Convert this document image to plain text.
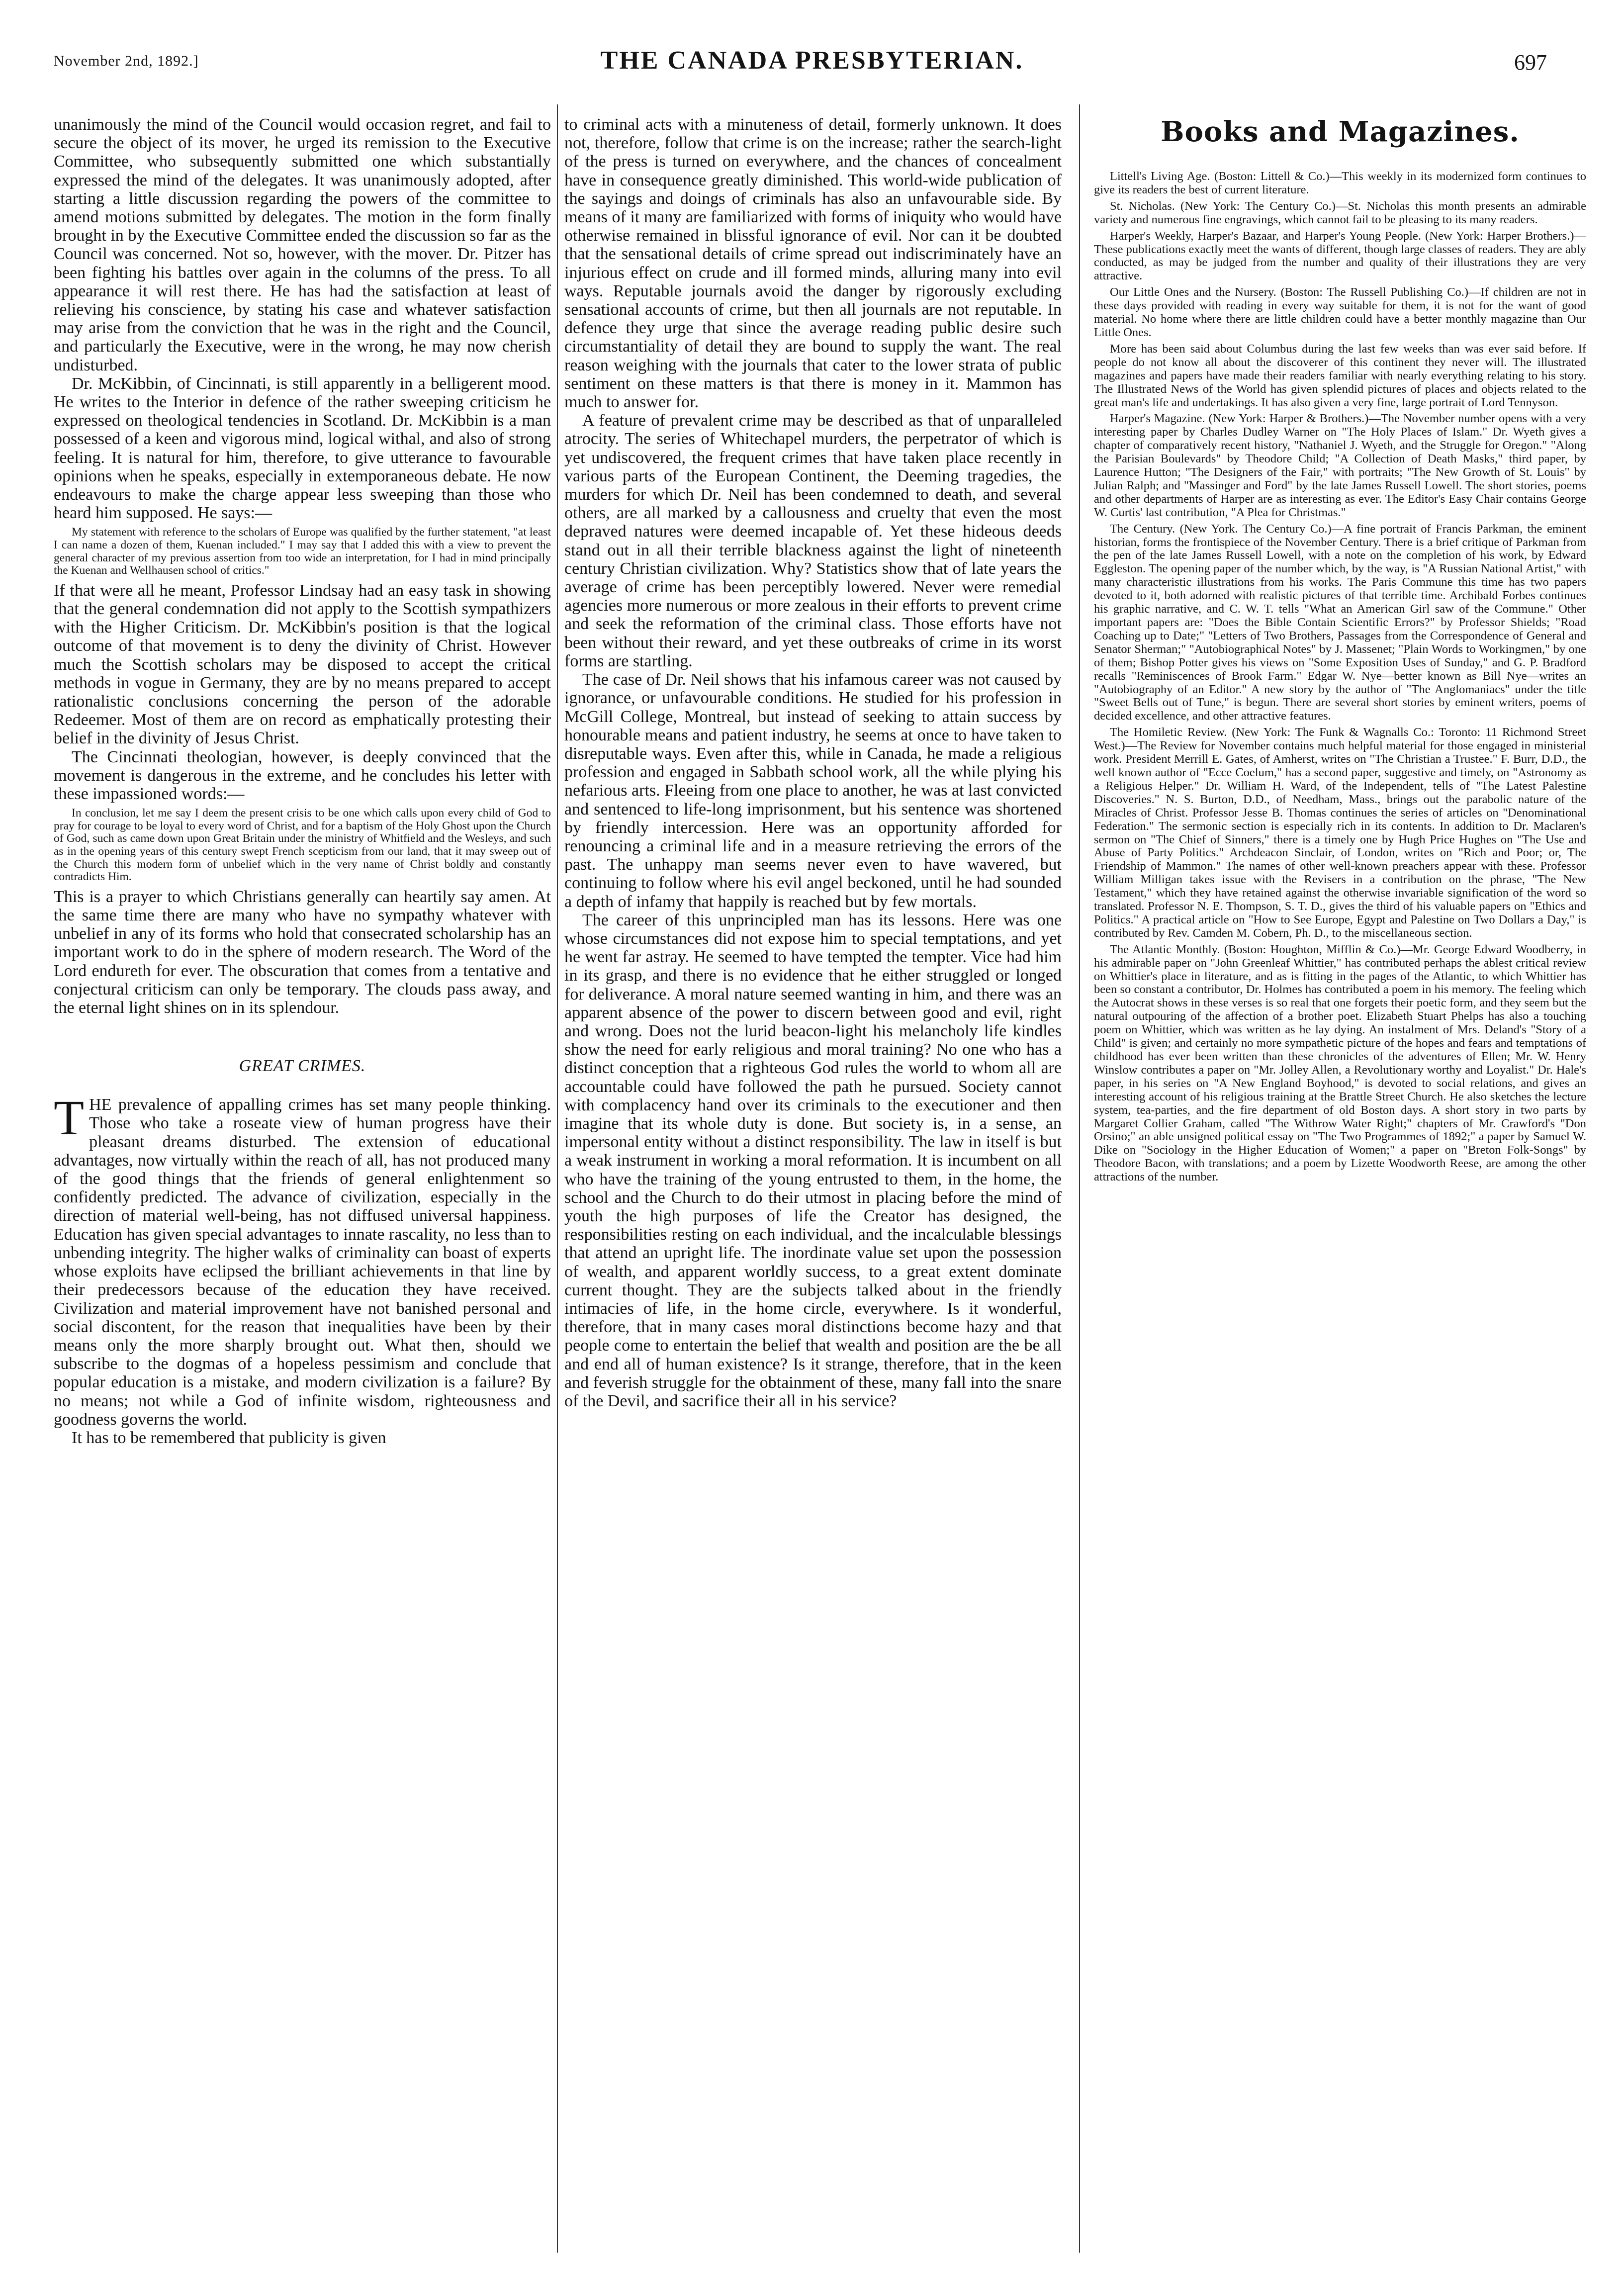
November 2nd, 1892.]	THE CANADA PRESBYTERIAN.	697

unanimously the mind of the Council would occasion regret, and fail to secure the object of its mover, he urged its remission to the Executive Committee, who subsequently submitted one which substantially expressed the mind of the delegates. It was unanimously adopted, after starting a little discussion regarding the powers of the committee to amend motions submitted by delegates. The motion in the form finally brought in by the Executive Committee ended the discussion so far as the Council was concerned. Not so, however, with the mover. Dr. Pitzer has been fighting his battles over again in the columns of the press. To all appearance it will rest there. He has had the satisfaction at least of relieving his conscience, by stating his case and whatever satisfaction may arise from the conviction that he was in the right and the Council, and particularly the Executive, were in the wrong, he may now cherish undisturbed.

Dr. McKibbin, of Cincinnati, is still apparently in a belligerent mood. He writes to the Interior in defence of the rather sweeping criticism he expressed on theological tendencies in Scotland. Dr. McKibbin is a man possessed of a keen and vigorous mind, logical withal, and also of strong feeling. It is natural for him, therefore, to give utterance to favourable opinions when he speaks, especially in extemporaneous debate. He now endeavours to make the charge appear less sweeping than those who heard him supposed. He says:—

My statement with reference to the scholars of Europe was qualified by the further statement, "at least I can name a dozen of them, Kuenan included." I may say that I added this with a view to prevent the general character of my previous assertion from too wide an interpretation, for I had in mind principally the Kuenan and Wellhausen school of critics."

If that were all he meant, Professor Lindsay had an easy task in showing that the general condemnation did not apply to the Scottish sympathizers with the Higher Criticism. Dr. McKibbin's position is that the logical outcome of that movement is to deny the divinity of Christ. However much the Scottish scholars may be disposed to accept the critical methods in vogue in Germany, they are by no means prepared to accept rationalistic conclusions concerning the person of the adorable Redeemer. Most of them are on record as emphatically protesting their belief in the divinity of Jesus Christ.

The Cincinnati theologian, however, is deeply convinced that the movement is dangerous in the extreme, and he concludes his letter with these impassioned words:—

In conclusion, let me say I deem the present crisis to be one which calls upon every child of God to pray for courage to be loyal to every word of Christ, and for a baptism of the Holy Ghost upon the Church of God, such as came down upon Great Britain under the ministry of Whitfield and the Wesleys, and such as in the opening years of this century swept French scepticism from our land, that it may sweep out of the Church this modern form of unbelief which in the very name of Christ boldly and constantly contradicts Him.

This is a prayer to which Christians generally can heartily say amen. At the same time there are many who have no sympathy whatever with unbelief in any of its forms who hold that consecrated scholarship has an important work to do in the sphere of modern research. The Word of the Lord endureth for ever. The obscuration that comes from a tentative and conjectural criticism can only be temporary. The clouds pass away, and the eternal light shines on in its splendour.

GREAT CRIMES.

THE prevalence of appalling crimes has set many people thinking. Those who take a roseate view of human progress have their pleasant dreams disturbed. The extension of educational advantages, now virtually within the reach of all, has not produced many of the good things that the friends of general enlightenment so confidently predicted. The advance of civilization, especially in the direction of material well-being, has not diffused universal happiness. Education has given special advantages to innate rascality, no less than to unbending integrity. The higher walks of criminality can boast of experts whose exploits have eclipsed the brilliant achievements in that line by their predecessors because of the education they have received. Civilization and material improvement have not banished personal and social discontent, for the reason that inequalities have been by their means only the more sharply brought out. What then, should we subscribe to the dogmas of a hopeless pessimism and conclude that popular education is a mistake, and modern civilization is a failure? By no means; not while a God of infinite wisdom, righteousness and goodness governs the world.

It has to be remembered that publicity is given

to criminal acts with a minuteness of detail, formerly unknown. It does not, therefore, follow that crime is on the increase; rather the search-light of the press is turned on everywhere, and the chances of concealment have in consequence greatly diminished. This world-wide publication of the sayings and doings of criminals has also an unfavourable side. By means of it many are familiarized with forms of iniquity who would have otherwise remained in blissful ignorance of evil. Nor can it be doubted that the sensational details of crime spread out indiscriminately have an injurious effect on crude and ill formed minds, alluring many into evil ways. Reputable journals avoid the danger by rigorously excluding sensational accounts of crime, but then all journals are not reputable. In defence they urge that since the average reading public desire such circumstantiality of detail they are bound to supply the want. The real reason weighing with the journals that cater to the lower strata of public sentiment on these matters is that there is money in it. Mammon has much to answer for.

A feature of prevalent crime may be described as that of unparalleled atrocity. The series of Whitechapel murders, the perpetrator of which is yet undiscovered, the frequent crimes that have taken place recently in various parts of the European Continent, the Deeming tragedies, the murders for which Dr. Neil has been condemned to death, and several others, are all marked by a callousness and cruelty that even the most depraved natures were deemed incapable of. Yet these hideous deeds stand out in all their terrible blackness against the light of nineteenth century Christian civilization. Why? Statistics show that of late years the average of crime has been perceptibly lowered. Never were remedial agencies more numerous or more zealous in their efforts to prevent crime and seek the reformation of the criminal class. Those efforts have not been without their reward, and yet these outbreaks of crime in its worst forms are startling.

The case of Dr. Neil shows that his infamous career was not caused by ignorance, or unfavourable conditions. He studied for his profession in McGill College, Montreal, but instead of seeking to attain success by honourable means and patient industry, he seems at once to have taken to disreputable ways. Even after this, while in Canada, he made a religious profession and engaged in Sabbath school work, all the while plying his nefarious arts. Fleeing from one place to another, he was at last convicted and sentenced to life-long imprisonment, but his sentence was shortened by friendly intercession. Here was an opportunity afforded for renouncing a criminal life and in a measure retrieving the errors of the past. The unhappy man seems never even to have wavered, but continuing to follow where his evil angel beckoned, until he had sounded a depth of infamy that happily is reached but by few mortals.

The career of this unprincipled man has its lessons. Here was one whose circumstances did not expose him to special temptations, and yet he went far astray. He seemed to have tempted the tempter. Vice had him in its grasp, and there is no evidence that he either struggled or longed for deliverance. A moral nature seemed wanting in him, and there was an apparent absence of the power to discern between good and evil, right and wrong. Does not the lurid beacon-light his melancholy life kindles show the need for early religious and moral training? No one who has a distinct conception that a righteous God rules the world to whom all are accountable could have followed the path he pursued. Society cannot with complacency hand over its criminals to the executioner and then imagine that its whole duty is done. But society is, in a sense, an impersonal entity without a distinct responsibility. The law in itself is but a weak instrument in working a moral reformation. It is incumbent on all who have the training of the young entrusted to them, in the home, the school and the Church to do their utmost in placing before the mind of youth the high purposes of life the Creator has designed, the responsibilities resting on each individual, and the incalculable blessings that attend an upright life. The inordinate value set upon the possession of wealth, and apparent worldly success, to a great extent dominate current thought. They are the subjects talked about in the friendly intimacies of life, in the home circle, everywhere. Is it wonderful, therefore, that in many cases moral distinctions become hazy and that people come to entertain the belief that wealth and position are the be all and end all of human existence? Is it strange, therefore, that in the keen and feverish struggle for the obtainment of these, many fall into the snare of the Devil, and sacrifice their all in his service?

Books and Magazines.

Littell's Living Age. (Boston: Littell & Co.)—This weekly in its modernized form continues to give its readers the best of current literature.

St. Nicholas. (New York: The Century Co.)—St. Nicholas this month presents an admirable variety and numerous fine engravings, which cannot fail to be pleasing to its many readers.

Harper's Weekly, Harper's Bazaar, and Harper's Young People. (New York: Harper Brothers.)—These publications exactly meet the wants of different, though large classes of readers. They are ably conducted, as may be judged from the number and quality of their illustrations they are very attractive.

Our Little Ones and the Nursery. (Boston: The Russell Publishing Co.)—If children are not in these days provided with reading in every way suitable for them, it is not for the want of good material. No home where there are little children could have a better monthly magazine than Our Little Ones.

More has been said about Columbus during the last few weeks than was ever said before. If people do not know all about the discoverer of this continent they never will. The illustrated magazines and papers have made their readers familiar with nearly everything relating to his story. The Illustrated News of the World has given splendid pictures of places and objects related to the great man's life and undertakings. It has also given a very fine, large portrait of Lord Tennyson.

Harper's Magazine. (New York: Harper & Brothers.)—The November number opens with a very interesting paper by Charles Dudley Warner on "The Holy Places of Islam." Dr. Wyeth gives a chapter of comparatively recent history, "Nathaniel J. Wyeth, and the Struggle for Oregon." "Along the Parisian Boulevards" by Theodore Child; "A Collection of Death Masks," third paper, by Laurence Hutton; "The Designers of the Fair," with portraits; "The New Growth of St. Louis" by Julian Ralph; and "Massinger and Ford" by the late James Russell Lowell. The short stories, poems and other departments of Harper are as interesting as ever. The Editor's Easy Chair contains George W. Curtis' last contribution, "A Plea for Christmas."

The Century. (New York. The Century Co.)—A fine portrait of Francis Parkman, the eminent historian, forms the frontispiece of the November Century. There is a brief critique of Parkman from the pen of the late James Russell Lowell, with a note on the completion of his work, by Edward Eggleston. The opening paper of the number which, by the way, is "A Russian National Artist," with many characteristic illustrations from his works. The Paris Commune this time has two papers devoted to it, both adorned with realistic pictures of that terrible time. Archibald Forbes continues his graphic narrative, and C. W. T. tells "What an American Girl saw of the Commune." Other important papers are: "Does the Bible Contain Scientific Errors?" by Professor Shields; "Road Coaching up to Date;" "Letters of Two Brothers, Passages from the Correspondence of General and Senator Sherman;" "Autobiographical Notes" by J. Massenet; "Plain Words to Workingmen," by one of them; Bishop Potter gives his views on "Some Exposition Uses of Sunday," and G. P. Bradford recalls "Reminiscences of Brook Farm." Edgar W. Nye—better known as Bill Nye—writes an "Autobiography of an Editor." A new story by the author of "The Anglomaniacs" under the title "Sweet Bells out of Tune," is begun. There are several short stories by eminent writers, poems of decided excellence, and other attractive features.

The Homiletic Review. (New York: The Funk & Wagnalls Co.: Toronto: 11 Richmond Street West.)—The Review for November contains much helpful material for those engaged in ministerial work. President Merrill E. Gates, of Amherst, writes on "The Christian a Trustee." F. Burr, D.D., the well known author of "Ecce Coelum," has a second paper, suggestive and timely, on "Astronomy as a Religious Helper." Dr. William H. Ward, of the Independent, tells of "The Latest Palestine Discoveries." N. S. Burton, D.D., of Needham, Mass., brings out the parabolic nature of the Miracles of Christ. Professor Jesse B. Thomas continues the series of articles on "Denominational Federation." The sermonic section is especially rich in its contents. In addition to Dr. Maclaren's sermon on "The Chief of Sinners," there is a timely one by Hugh Price Hughes on "The Use and Abuse of Party Politics." Archdeacon Sinclair, of London, writes on "Rich and Poor; or, The Friendship of Mammon." The names of other well-known preachers appear with these. Professor William Milligan takes issue with the Revisers in a contribution on the phrase, "The New Testament," which they have retained against the otherwise invariable signification of the word so translated. Professor N. E. Thompson, S. T. D., gives the third of his valuable papers on "Ethics and Politics." A practical article on "How to See Europe, Egypt and Palestine on Two Dollars a Day," is contributed by Rev. Camden M. Cobern, Ph. D., to the miscellaneous section.

The Atlantic Monthly. (Boston: Houghton, Mifflin & Co.)—Mr. George Edward Woodberry, in his admirable paper on "John Greenleaf Whittier," has contributed perhaps the ablest critical review on Whittier's place in literature, and as is fitting in the pages of the Atlantic, to which Whittier has been so constant a contributor, Dr. Holmes has contributed a poem in his memory. The feeling which the Autocrat shows in these verses is so real that one forgets their poetic form, and they seem but the natural outpouring of the affection of a brother poet. Elizabeth Stuart Phelps has also a touching poem on Whittier, which was written as he lay dying. An instalment of Mrs. Deland's "Story of a Child" is given; and certainly no more sympathetic picture of the hopes and fears and temptations of childhood has ever been written than these chronicles of the adventures of Ellen; Mr. W. Henry Winslow contributes a paper on "Mr. Jolley Allen, a Revolutionary worthy and Loyalist." Dr. Hale's paper, in his series on "A New England Boyhood," is devoted to social relations, and gives an interesting account of his religious training at the Brattle Street Church. He also sketches the lecture system, tea-parties, and the fire department of old Boston days. A short story in two parts by Margaret Collier Graham, called "The Withrow Water Right;" chapters of Mr. Crawford's "Don Orsino;" an able unsigned political essay on "The Two Programmes of 1892;" a paper by Samuel W. Dike on "Sociology in the Higher Education of Women;" a paper on "Breton Folk-Songs" by Theodore Bacon, with translations; and a poem by Lizette Woodworth Reese, are among the other attractions of the number.
